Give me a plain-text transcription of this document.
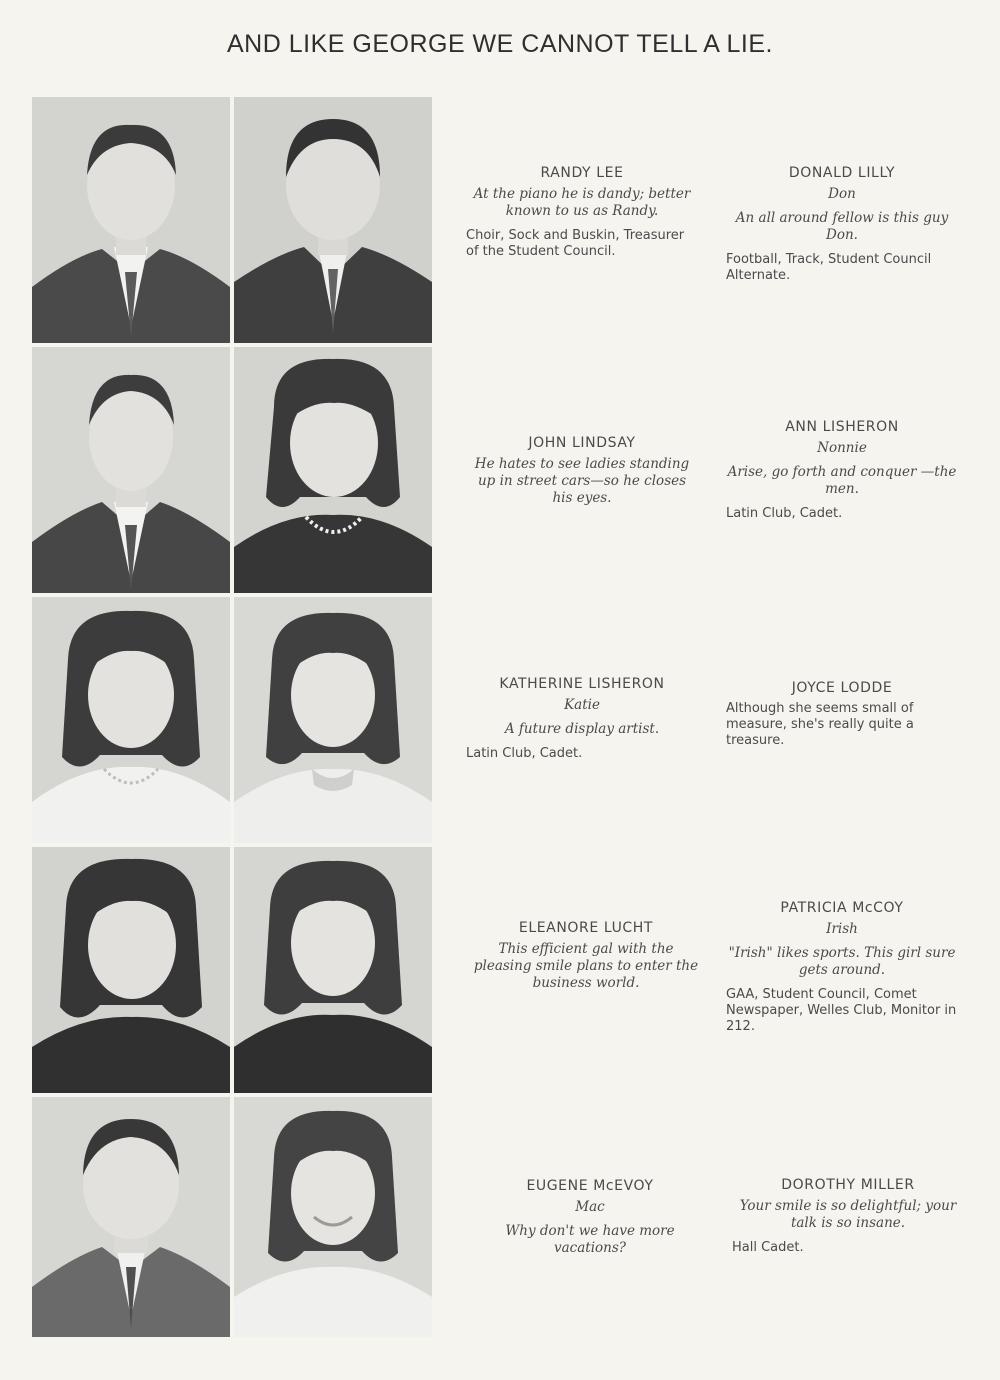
AND LIKE GEORGE WE CANNOT TELL A LIE.
RANDY LEE
At the piano he is dandy; better known to us as Randy.
Choir, Sock and Buskin, Treasurer of the Student Council.
DONALD LILLY
Don
An all around fellow is this guy Don.
Football, Track, Student Council Alternate.
JOHN LINDSAY
He hates to see ladies standing up in street cars—so he closes his eyes.
ANN LISHERON
Nonnie
Arise, go forth and conquer —the men.
Latin Club, Cadet.
KATHERINE LISHERON
Katie
A future display artist.
Latin Club, Cadet.
JOYCE LODDE
Although she seems small of measure, she's really quite a treasure.
ELEANORE LUCHT
This efficient gal with the pleasing smile plans to enter the business world.
PATRICIA McCOY
Irish
"Irish" likes sports. This girl sure gets around.
GAA, Student Council, Comet Newspaper, Welles Club, Monitor in 212.
EUGENE McEVOY
Mac
Why don't we have more vacations?
DOROTHY MILLER
Your smile is so delightful; your talk is so insane.
Hall Cadet.
